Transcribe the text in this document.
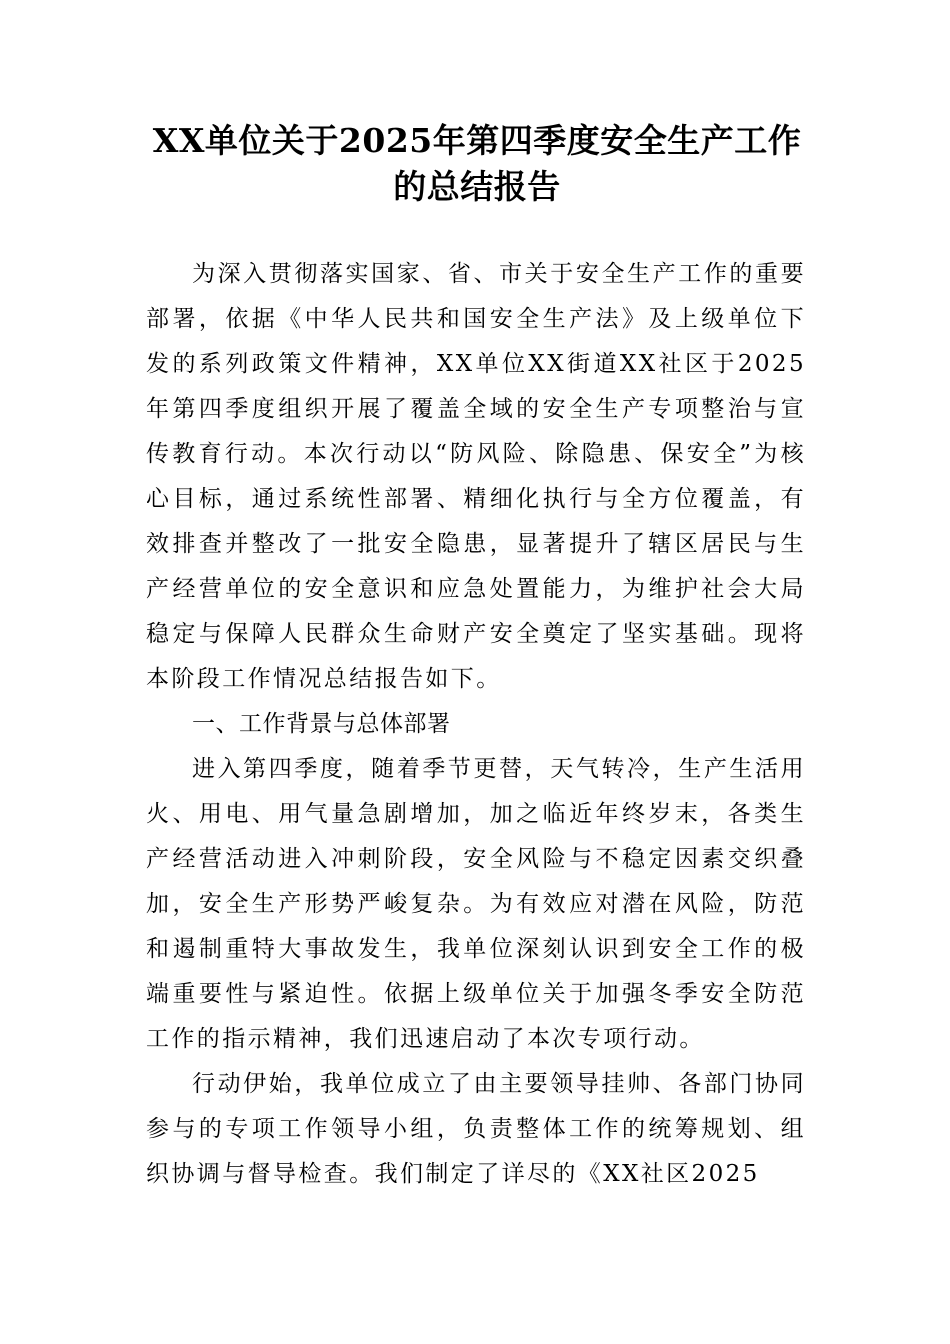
XX单位关于2025年第四季度安全生产工作的总结报告

为深入贯彻落实国家、省、市关于安全生产工作的重要部署，依据《中华人民共和国安全生产法》及上级单位下发的系列政策文件精神，XX单位XX街道XX社区于2025年第四季度组织开展了覆盖全域的安全生产专项整治与宣传教育行动。本次行动以“防风险、除隐患、保安全”为核心目标，通过系统性部署、精细化执行与全方位覆盖，有效排查并整改了一批安全隐患，显著提升了辖区居民与生产经营单位的安全意识和应急处置能力，为维护社会大局稳定与保障人民群众生命财产安全奠定了坚实基础。现将本阶段工作情况总结报告如下。

一、工作背景与总体部署

进入第四季度，随着季节更替，天气转冷，生产生活用火、用电、用气量急剧增加，加之临近年终岁末，各类生产经营活动进入冲刺阶段，安全风险与不稳定因素交织叠加，安全生产形势严峻复杂。为有效应对潜在风险，防范和遏制重特大事故发生，我单位深刻认识到安全工作的极端重要性与紧迫性。依据上级单位关于加强冬季安全防范工作的指示精神，我们迅速启动了本次专项行动。

行动伊始，我单位成立了由主要领导挂帅、各部门协同参与的专项工作领导小组，负责整体工作的统筹规划、组织协调与督导检查。我们制定了详尽的《XX社区2025
